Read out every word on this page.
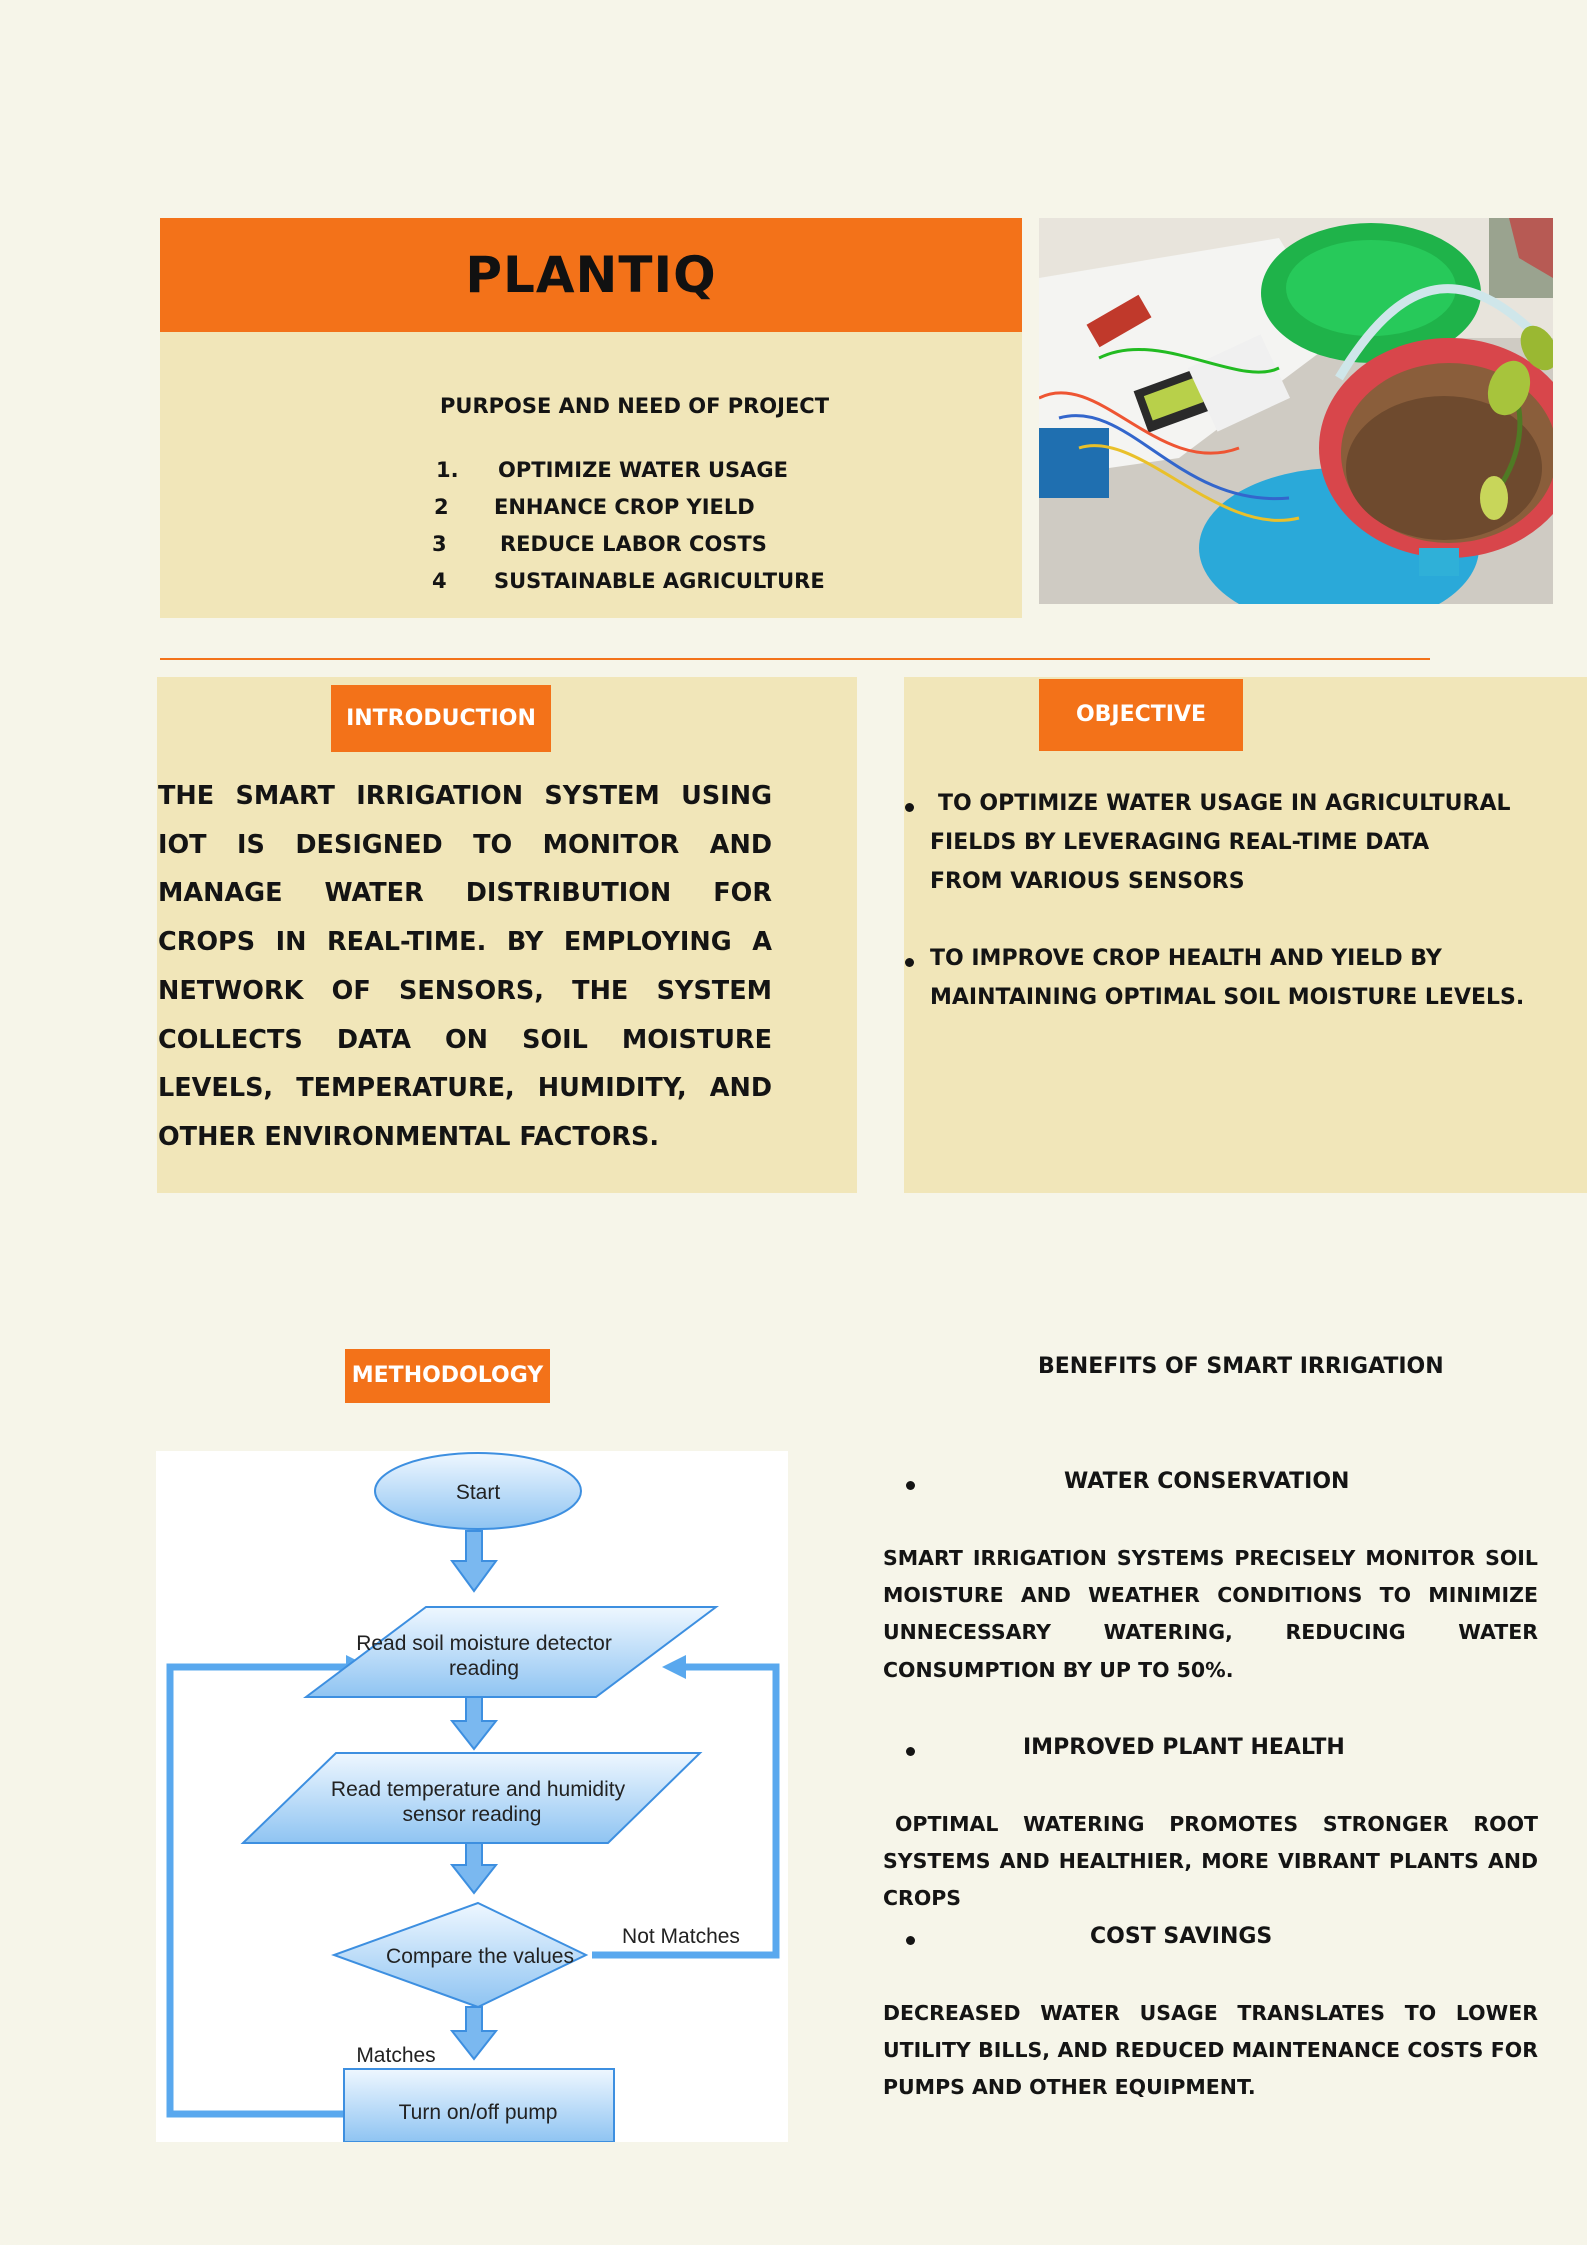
PLANTIQ
PURPOSE AND NEED OF PROJECT
1. OPTIMIZE WATER USAGE
2 ENHANCE CROP YIELD
3	REDUCE LABOR COSTS
4 SUSTAINABLE AGRICULTURE
INTRODUCTION
THE SMART IRRIGATION SYSTEM USING IOT IS DESIGNED TO MONITOR AND MANAGE WATER DISTRIBUTION FOR CROPS IN REAL-TIME. BY EMPLOYING A NETWORK OF SENSORS, THE SYSTEM COLLECTS DATA ON SOIL MOISTURE LEVELS, TEMPERATURE, HUMIDITY, AND OTHER ENVIRONMENTAL FACTORS.
OBJECTIVE
TO OPTIMIZE WATER USAGE IN AGRICULTURAL
FIELDS BY LEVERAGING REAL-TIME DATA
FROM VARIOUS SENSORS
TO IMPROVE CROP HEALTH AND YIELD BY
MAINTAINING OPTIMAL SOIL MOISTURE LEVELS.
METHODOLOGY
Start
Read soil moisture detector
reading
Read temperature and humidity
sensor reading
Compare the values
Not Matches
Matches
Turn on/off pump
BENEFITS OF SMART IRRIGATION
WATER CONSERVATION
SMART IRRIGATION SYSTEMS PRECISELY MONITOR SOIL MOISTURE AND WEATHER CONDITIONS TO MINIMIZE UNNECESSARY WATERING, REDUCING WATER CONSUMPTION BY UP TO 50%.
IMPROVED PLANT HEALTH
OPTIMAL WATERING PROMOTES STRONGER ROOT SYSTEMS AND HEALTHIER, MORE VIBRANT PLANTS AND CROPS
COST SAVINGS
DECREASED WATER USAGE TRANSLATES TO LOWER UTILITY BILLS, AND REDUCED MAINTENANCE COSTS FOR PUMPS AND OTHER EQUIPMENT.
